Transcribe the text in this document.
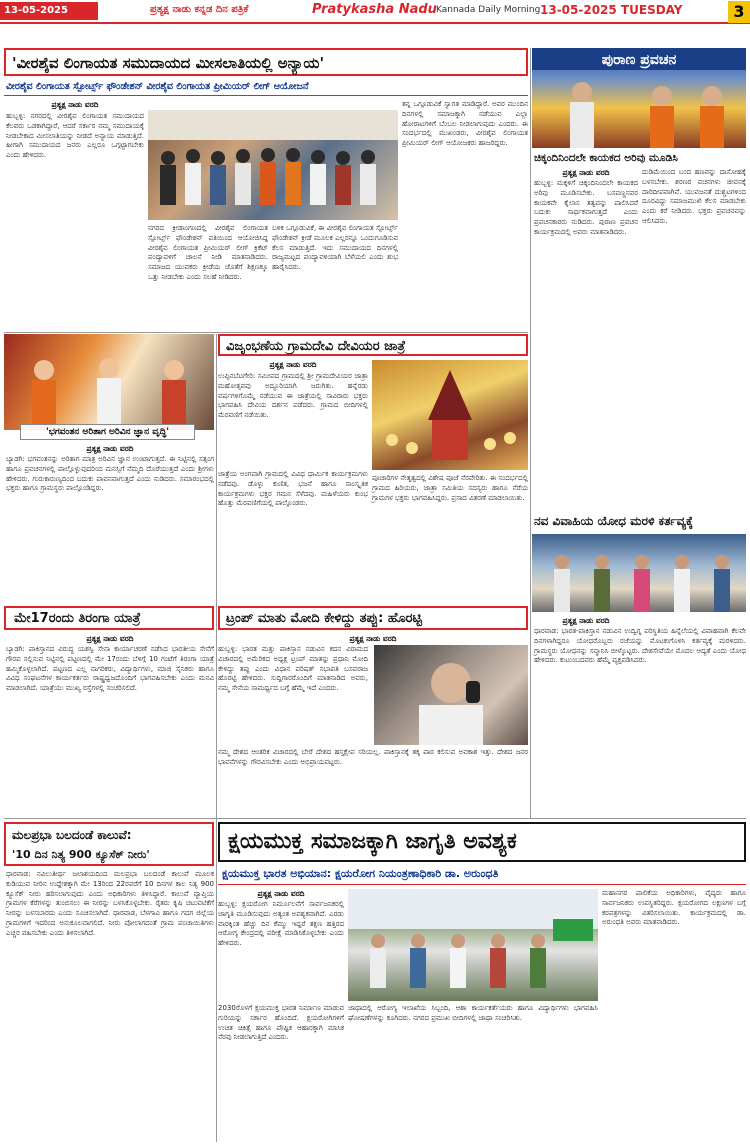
13-05-2025 ಮಂಗಳವಾರ
ಪ್ರತ್ಯಕ್ಷ ನಾಡು ಕನ್ನಡ ದಿನ ಪತ್ರಿಕೆ	Pratykasha Nadu Kannada Daily Morning 13-05-2025 TUESDAY	3
'ವೀರಶೈವ ಲಿಂಗಾಯತ ಸಮುದಾಯದ ಮೀಸಲಾತಿಯಲ್ಲಿ ಅನ್ಯಾಯ'
ವೀರಶೈವ ಲಿಂಗಾಯತ ಸ್ಪೋರ್ಟ್ಸ್ ಫೌಂಡೇಶನ್ ವೀರಶೈವ ಲಿಂಗಾಯತ ಪ್ರೀಮಿಯರ್ ಲೀಗ್ ಆಯೋಜನೆ
ಪ್ರತ್ಯಕ್ಷ ನಾಡು ವರದಿ
ಹುಬ್ಬಳ್ಳಿ: ನಗರದಲ್ಲಿ ವೀರಶೈವ ಲಿಂಗಾಯತ ಸಮುದಾಯದ ಕೆಲವರು ಒಡಕಾಗಿದ್ದಾರೆ, ಆದರೆ ಸರ್ಕಾರ ನಮ್ಮ ಸಮುದಾಯಕ್ಕೆ ನೀಡಬೇಕಾದ ಮೀಸಲಾತಿಯನ್ನು ನೀಡದೆ ಅನ್ಯಾಯ ಮಾಡುತ್ತಿದೆ. ಹೀಗಾಗಿ ಸಮುದಾಯದ ಜನರು ಎಲ್ಲರೂ ಒಗ್ಗಟ್ಟಾಗಬೇಕು ಎಂದು ಹೇಳಿದರು.
ನಗರದ ಕ್ರೀಡಾಂಗಣದಲ್ಲಿ ವೀರಶೈವ ಲಿಂಗಾಯತ ಸ್ಪೋರ್ಟ್ಸ್ ಫೌಂಡೇಶನ್ ವತಿಯಿಂದ ಆಯೋಜಿಸಿದ್ದ ವೀರಶೈವ ಲಿಂಗಾಯತ ಪ್ರೀಮಿಯರ್ ಲೀಗ್ ಕ್ರಿಕೆಟ್ ಪಂದ್ಯಾವಳಿಗೆ ಚಾಲನೆ ನೀಡಿ ಮಾತನಾಡಿದರು. ಸಮಾಜದ ಯುವಕರು ಕ್ರೀಡೆಯ ಜೊತೆಗೆ ಶಿಕ್ಷಣಕ್ಕೂ ಒತ್ತು ನೀಡಬೇಕು ಎಂದು ಸಲಹೆ ನೀಡಿದರು.
ಬಳಿಕ ಒಗ್ಗೂಡುವಿಕೆ, ಈ ವೀರಶೈವ ಲಿಂಗಾಯತ ಸ್ಪೋರ್ಟ್ಸ್ ಫೌಂಡೇಶನ್ ಕ್ರೀಡೆ ಮೂಲಕ ಎಲ್ಲರನ್ನೂ ಒಂದುಗೂಡಿಸುವ ಕೆಲಸ ಮಾಡುತ್ತಿದೆ. ಇದು ಸಮುದಾಯದ ದಿನಗಳಲ್ಲಿ ರಾಜ್ಯಮಟ್ಟದ ಪಂದ್ಯಾವಳಿಯಾಗಿ ಬೆಳೆಯಲಿ ಎಂದು ಶುಭ ಹಾರೈಸಿದರು.
ತನ್ನ ಒಗ್ಗೂಡುವಿಕೆ ಸ್ವಾಗತ ಮಾಡಿದ್ದಾರೆ. ಅವರ ಮುಂದಿನ ದಿನಗಳಲ್ಲಿ ಸಮಾಜಕ್ಕಾಗಿ ನಡೆಯುವ ಎಲ್ಲಾ ಹೋರಾಟಗಳಿಗೆ ಬೆಂಬಲ ನೀಡಲಾಗುವುದು ಎಂದರು. ಈ ಸಂದರ್ಭದಲ್ಲಿ ಮುಖಂಡರು, ವೀರಶೈವ ಲಿಂಗಾಯತ ಪ್ರೀಮಿಯರ್ ಲೀಗ್ ಆಯೋಜಕರು ಹಾಜರಿದ್ದರು.
'ಭಗವಂತನ ಅರಿತಾಗ ಅರಿವಿನ ಜ್ಞಾನ ವೃದ್ಧಿ'
ಪ್ರತ್ಯಕ್ಷ ನಾಡು ವರದಿ
ಬ್ಯಾಡಗಿ: ಭಗವಂತನನ್ನು ಅರಿತಾಗ ಮಾತ್ರ ಅರಿವಿನ ಜ್ಞಾನ ಉಂಟಾಗುತ್ತದೆ. ಈ ನಿಟ್ಟಿನಲ್ಲಿ ಸತ್ಸಂಗ ಹಾಗೂ ಪ್ರವಚನಗಳಲ್ಲಿ ಪಾಲ್ಗೊಳ್ಳುವುದರಿಂದ ಮನಸ್ಸಿಗೆ ನೆಮ್ಮದಿ ದೊರೆಯುತ್ತದೆ ಎಂದು ಶ್ರೀಗಳು ಹೇಳಿದರು. ಗುರುಕಾರುಣ್ಯದಿಂದ ಬದುಕು ಪಾವನವಾಗುತ್ತದೆ ಎಂದು ನುಡಿದರು. ಸಮಾರಂಭದಲ್ಲಿ ಭಕ್ತರು ಹಾಗೂ ಗ್ರಾಮಸ್ಥರು ಪಾಲ್ಗೊಂಡಿದ್ದರು.
ವಿಜೃಂಭಣೆಯ ಗ್ರಾಮದೇವಿ ದೇವಿಯರ ಜಾತ್ರೆ
ಪ್ರತ್ಯಕ್ಷ ನಾಡು ವರದಿ
ಉಪ್ಪಿನಬೆಟಗೇರಿ: ಸಮೀಪದ ಗ್ರಾಮದಲ್ಲಿ ಶ್ರೀ ಗ್ರಾಮದೇವಿಯರ ಜಾತ್ರಾ ಮಹೋತ್ಸವವು ಅದ್ದೂರಿಯಾಗಿ ಜರುಗಿತು. ಹನ್ನೆರಡು ವರ್ಷಗಳಿಗೊಮ್ಮೆ ನಡೆಯುವ ಈ ಜಾತ್ರೆಯಲ್ಲಿ ಸಾವಿರಾರು ಭಕ್ತರು ಭಾಗವಹಿಸಿ ದೇವಿಯ ದರ್ಶನ ಪಡೆದರು. ಗ್ರಾಮದ ಬೀದಿಗಳಲ್ಲಿ ಮೆರವಣಿಗೆ ನಡೆಯಿತು.
ಜಾತ್ರೆಯ ಅಂಗವಾಗಿ ಗ್ರಾಮದಲ್ಲಿ ವಿವಿಧ ಧಾರ್ಮಿಕ ಕಾರ್ಯಕ್ರಮಗಳು ನಡೆದವು. ಡೊಳ್ಳು ಕುಣಿತ, ಭಜನೆ ಹಾಗೂ ಸಾಂಸ್ಕೃತಿಕ ಕಾರ್ಯಕ್ರಮಗಳು ಭಕ್ತರ ಗಮನ ಸೆಳೆದವು. ಮಹಿಳೆಯರು ಕುಂಭ ಹೊತ್ತು ಮೆರವಣಿಗೆಯಲ್ಲಿ ಪಾಲ್ಗೊಂಡರು.
ಪೂಜಾರಿಗಳ ನೇತೃತ್ವದಲ್ಲಿ ವಿಶೇಷ ಪೂಜೆ ನೆರವೇರಿತು. ಈ ಸಂದರ್ಭದಲ್ಲಿ ಗ್ರಾಮದ ಹಿರಿಯರು, ಜಾತ್ರಾ ಸಮಿತಿಯ ಸದಸ್ಯರು ಹಾಗೂ ನೆರೆಯ ಗ್ರಾಮಗಳ ಭಕ್ತರು ಭಾಗವಹಿಸಿದ್ದರು. ಪ್ರಸಾದ ವಿತರಣೆ ಮಾಡಲಾಯಿತು.
ಮೇ17ರಂದು ತಿರಂಗಾ ಯಾತ್ರೆ
ಪ್ರತ್ಯಕ್ಷ ನಾಡು ವರದಿ
ಬ್ಯಾಡಗಿ: ಪಾಕಿಸ್ತಾನದ ವಿರುದ್ಧ ಯಶಸ್ವಿ ಸೇನಾ ಕಾರ್ಯಾಚರಣೆ ನಡೆಸಿದ ಭಾರತೀಯ ಸೇನೆಗೆ ಗೌರವ ಸಲ್ಲಿಸುವ ನಿಟ್ಟಿನಲ್ಲಿ ಪಟ್ಟಣದಲ್ಲಿ ಮೇ 17ರಂದು ಬೆಳಿಗ್ಗೆ 10 ಗಂಟೆಗೆ ತಿರಂಗಾ ಯಾತ್ರೆ ಹಮ್ಮಿಕೊಳ್ಳಲಾಗಿದೆ. ಪಟ್ಟಣದ ಎಲ್ಲ ನಾಗರಿಕರು, ವಿದ್ಯಾರ್ಥಿಗಳು, ಮಾಜಿ ಸೈನಿಕರು ಹಾಗೂ ವಿವಿಧ ಸಂಘಟನೆಗಳ ಕಾರ್ಯಕರ್ತರು ರಾಷ್ಟ್ರಧ್ವಜದೊಂದಿಗೆ ಭಾಗವಹಿಸಬೇಕು ಎಂದು ಮನವಿ ಮಾಡಲಾಗಿದೆ. ಯಾತ್ರೆಯು ಮುಖ್ಯ ರಸ್ತೆಗಳಲ್ಲಿ ಸಂಚರಿಸಲಿದೆ.
ಟ್ರಂಪ್ ಮಾತು ಮೋದಿ ಕೇಳಿದ್ದು ತಪ್ಪು: ಹೊರಟ್ಟಿ
ಪ್ರತ್ಯಕ್ಷ ನಾಡು ವರದಿ
ಹುಬ್ಬಳ್ಳಿ: ಭಾರತ ಮತ್ತು ಪಾಕಿಸ್ತಾನ ನಡುವಿನ ಕದನ ವಿರಾಮದ ವಿಚಾರದಲ್ಲಿ ಅಮೆರಿಕದ ಅಧ್ಯಕ್ಷ ಟ್ರಂಪ್ ಮಾತನ್ನು ಪ್ರಧಾನಿ ಮೋದಿ ಕೇಳಿದ್ದು ತಪ್ಪು ಎಂದು ವಿಧಾನ ಪರಿಷತ್ ಸಭಾಪತಿ ಬಸವರಾಜ ಹೊರಟ್ಟಿ ಹೇಳಿದರು. ಸುದ್ದಿಗಾರರೊಂದಿಗೆ ಮಾತನಾಡಿದ ಅವರು, ನಮ್ಮ ಸೇನೆಯ ಸಾಮರ್ಥ್ಯದ ಬಗ್ಗೆ ಹೆಮ್ಮೆ ಇದೆ ಎಂದರು.
ನಮ್ಮ ದೇಶದ ಆಂತರಿಕ ವಿಚಾರದಲ್ಲಿ ಬೇರೆ ದೇಶದ ಹಸ್ತಕ್ಷೇಪ ಸರಿಯಲ್ಲ. ಪಾಕಿಸ್ತಾನಕ್ಕೆ ತಕ್ಕ ಪಾಠ ಕಲಿಸುವ ಅವಕಾಶ ಇತ್ತು. ದೇಶದ ಜನರ ಭಾವನೆಗಳನ್ನು ಗೌರವಿಸಬೇಕು ಎಂದು ಅಭಿಪ್ರಾಯಪಟ್ಟರು.
ಮಲಪ್ರಭಾ ಬಲದಂಡೆ ಕಾಲುವೆ:
'10 ದಿನ ನಿತ್ಯ 900 ಕ್ಯೂಸೆಕ್ ನೀರು'
ಧಾರವಾಡ: ನವಿಲುತೀರ್ಥ ಜಲಾಶಯದಿಂದ ಮಲಪ್ರಭಾ ಬಲದಂಡೆ ಕಾಲುವೆ ಮೂಲಕ ಕುಡಿಯುವ ನೀರಿನ ಉದ್ದೇಶಕ್ಕಾಗಿ ಮೇ 13ರಿಂದ 22ರವರೆಗೆ 10 ದಿನಗಳ ಕಾಲ ನಿತ್ಯ 900 ಕ್ಯೂಸೆಕ್ ನೀರು ಹರಿಸಲಾಗುವುದು ಎಂದು ಅಧಿಕಾರಿಗಳು ತಿಳಿಸಿದ್ದಾರೆ. ಕಾಲುವೆ ವ್ಯಾಪ್ತಿಯ ಗ್ರಾಮಗಳ ಕೆರೆಗಳನ್ನು ತುಂಬಿಸಲು ಈ ನೀರನ್ನು ಬಳಸಿಕೊಳ್ಳಬೇಕು. ರೈತರು ಕೃಷಿ ಚಟುವಟಿಕೆಗೆ ನೀರನ್ನು ಬಳಸಬಾರದು ಎಂದು ಸೂಚಿಸಲಾಗಿದೆ. ಧಾರವಾಡ, ಬೆಳಗಾವಿ ಹಾಗೂ ಗದಗ ಜಿಲ್ಲೆಯ ಗ್ರಾಮಗಳಿಗೆ ಇದರಿಂದ ಅನುಕೂಲವಾಗಲಿದೆ. ನೀರು ಪೋಲಾಗದಂತೆ ಗ್ರಾಮ ಪಂಚಾಯಿತಿಗಳು ಎಚ್ಚರ ವಹಿಸಬೇಕು ಎಂದು ತಿಳಿಸಲಾಗಿದೆ.
ಕ್ಷಯಮುಕ್ತ ಸಮಾಜಕ್ಕಾಗಿ ಜಾಗೃತಿ ಅವಶ್ಯಕ
ಕ್ಷಯಮುಕ್ತ ಭಾರತ ಅಭಿಯಾನ: ಕ್ಷಯರೋಗ ನಿಯಂತ್ರಣಾಧಿಕಾರಿ ಡಾ. ಅರುಂಧತಿ
ಪ್ರತ್ಯಕ್ಷ ನಾಡು ವರದಿ
ಹುಬ್ಬಳ್ಳಿ: ಕ್ಷಯರೋಗ ನಿರ್ಮೂಲನೆಗೆ ಸಾರ್ವಜನಿಕರಲ್ಲಿ ಜಾಗೃತಿ ಮೂಡಿಸುವುದು ಅತ್ಯಂತ ಅವಶ್ಯಕವಾಗಿದೆ. ಎರಡು ವಾರಕ್ಕಿಂತ ಹೆಚ್ಚು ದಿನ ಕೆಮ್ಮು ಇದ್ದರೆ ತಕ್ಷಣ ಹತ್ತಿರದ ಆರೋಗ್ಯ ಕೇಂದ್ರದಲ್ಲಿ ಪರೀಕ್ಷೆ ಮಾಡಿಸಿಕೊಳ್ಳಬೇಕು ಎಂದು ಹೇಳಿದರು.
ಮಹಾನಗರ ಪಾಲಿಕೆಯ ಅಧಿಕಾರಿಗಳು, ವೈದ್ಯರು ಹಾಗೂ ಸಾರ್ವಜನಿಕರು ಉಪಸ್ಥಿತರಿದ್ದರು. ಕ್ಷಯರೋಗದ ಲಕ್ಷಣಗಳ ಬಗ್ಗೆ ಕರಪತ್ರಗಳನ್ನು ವಿತರಿಸಲಾಯಿತು. ಕಾರ್ಯಕ್ರಮದಲ್ಲಿ ಡಾ. ಅರುಂಧತಿ ಅವರು ಮಾತನಾಡಿದರು.
2030ರೊಳಗೆ ಕ್ಷಯಮುಕ್ತ ಭಾರತ ನಿರ್ಮಾಣ ಮಾಡುವ ಗುರಿಯನ್ನು ಸರ್ಕಾರ ಹೊಂದಿದೆ. ಕ್ಷಯರೋಗಿಗಳಿಗೆ ಉಚಿತ ಚಿಕಿತ್ಸೆ ಹಾಗೂ ಪೌಷ್ಟಿಕ ಆಹಾರಕ್ಕಾಗಿ ಮಾಸಿಕ ನೆರವು ನೀಡಲಾಗುತ್ತಿದೆ ಎಂದರು.
ಜಾಥಾದಲ್ಲಿ ಆರೋಗ್ಯ ಇಲಾಖೆಯ ಸಿಬ್ಬಂದಿ, ಆಶಾ ಕಾರ್ಯಕರ್ತೆಯರು ಹಾಗೂ ವಿದ್ಯಾರ್ಥಿಗಳು ಭಾಗವಹಿಸಿ ಘೋಷಣೆಗಳನ್ನು ಕೂಗಿದರು. ನಗರದ ಪ್ರಮುಖ ಬೀದಿಗಳಲ್ಲಿ ಜಾಥಾ ಸಂಚರಿಸಿತು.
ಪುರಾಣ ಪ್ರವಚನ
ಚಿಕ್ಕಂದಿನಿಂದಲೇ ಕಾಯಕದ ಅರಿವು ಮೂಡಿಸಿ
ಪ್ರತ್ಯಕ್ಷ ನಾಡು ವರದಿ
ಹುಬ್ಬಳ್ಳಿ: ಮಕ್ಕಳಿಗೆ ಚಿಕ್ಕಂದಿನಿಂದಲೇ ಕಾಯಕದ ಅರಿವು ಮೂಡಿಸಬೇಕು. ಬಸವಣ್ಣನವರ ಕಾಯಕವೇ ಕೈಲಾಸ ತತ್ವವನ್ನು ಪಾಲಿಸಿದರೆ ಬದುಕು ಸಾರ್ಥಕವಾಗುತ್ತದೆ ಎಂದು ಪ್ರವಚನಕಾರರು ನುಡಿದರು. ಪುರಾಣ ಪ್ರವಚನ ಕಾರ್ಯಕ್ರಮದಲ್ಲಿ ಅವರು ಮಾತನಾಡಿದರು.
ದುಡಿಮೆಯಿಂದ ಬಂದ ಹಣವನ್ನು ದಾಸೋಹಕ್ಕೆ ಬಳಸಬೇಕು. ಶರಣರ ವಚನಗಳು ಜೀವನಕ್ಕೆ ದಾರಿದೀಪವಾಗಿವೆ. ಯುವಜನತೆ ದುಶ್ಚಟಗಳಿಂದ ದೂರವಿದ್ದು ಸಮಾಜಮುಖಿ ಕೆಲಸ ಮಾಡಬೇಕು ಎಂದು ಕರೆ ನೀಡಿದರು. ಭಕ್ತರು ಪ್ರವಚನವನ್ನು ಆಲಿಸಿದರು.
ನವ ವಿವಾಹಿಯ ಯೋಧ ಮರಳಿ ಕರ್ತವ್ಯಕ್ಕೆ
ಪ್ರತ್ಯಕ್ಷ ನಾಡು ವರದಿ
ಧಾರವಾಡ: ಭಾರತ-ಪಾಕಿಸ್ತಾನ ನಡುವಿನ ಉದ್ವಿಗ್ನ ಪರಿಸ್ಥಿತಿಯ ಹಿನ್ನೆಲೆಯಲ್ಲಿ ವಿವಾಹವಾಗಿ ಕೆಲವೇ ದಿನಗಳಾಗಿದ್ದರೂ ಯೋಧರೊಬ್ಬರು ರಜೆಯನ್ನು ಮೊಟಕುಗೊಳಿಸಿ ಕರ್ತವ್ಯಕ್ಕೆ ಮರಳಿದರು. ಗ್ರಾಮಸ್ಥರು ಯೋಧನನ್ನು ಸನ್ಮಾನಿಸಿ ಬೀಳ್ಕೊಟ್ಟರು. ದೇಶಸೇವೆಯೇ ಮೊದಲ ಆದ್ಯತೆ ಎಂದು ಯೋಧ ಹೇಳಿದರು. ಕುಟುಂಬದವರು ಹೆಮ್ಮೆ ವ್ಯಕ್ತಪಡಿಸಿದರು.
